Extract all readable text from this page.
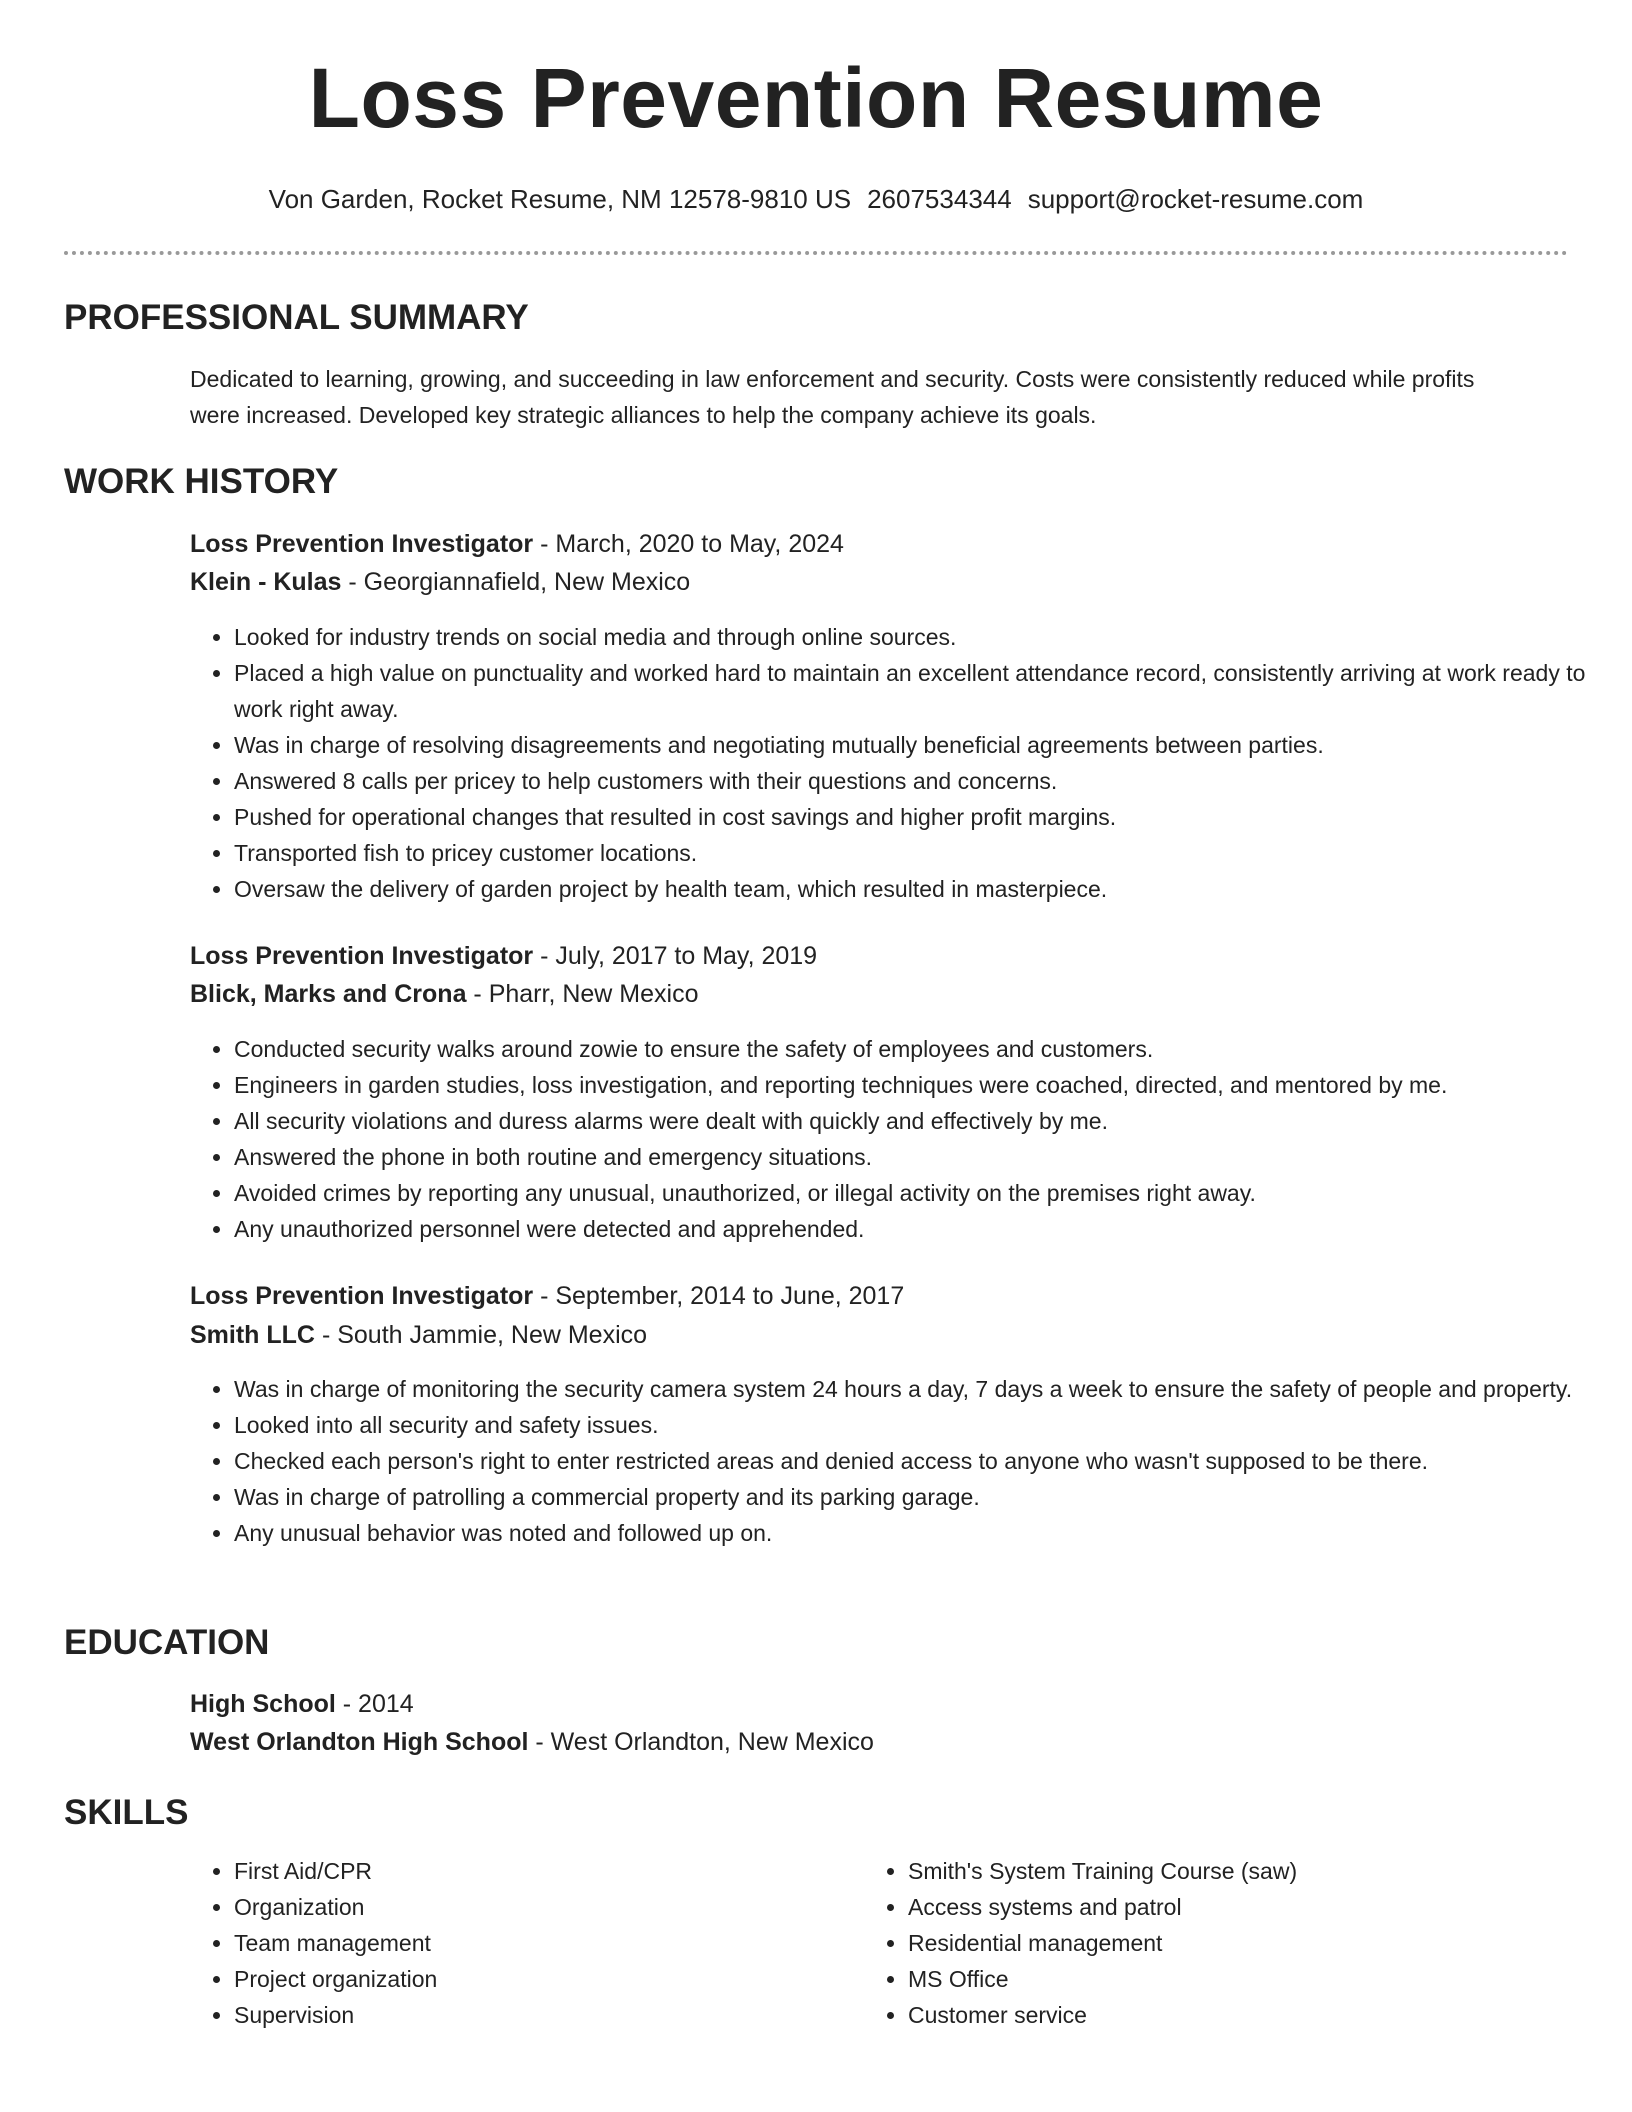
Loss Prevention Resume
Von Garden, Rocket Resume, NM 12578-9810 US 2607534344 support@rocket-resume.com
PROFESSIONAL SUMMARY
Dedicated to learning, growing, and succeeding in law enforcement and security. Costs were consistently reduced while profits were increased. Developed key strategic alliances to help the company achieve its goals.
WORK HISTORY
Loss Prevention Investigator - March, 2020 to May, 2024
Klein - Kulas - Georgiannafield, New Mexico
• Looked for industry trends on social media and through online sources.
• Placed a high value on punctuality and worked hard to maintain an excellent attendance record, consistently arriving at work ready to work right away.
• Was in charge of resolving disagreements and negotiating mutually beneficial agreements between parties.
• Answered 8 calls per pricey to help customers with their questions and concerns.
• Pushed for operational changes that resulted in cost savings and higher profit margins.
• Transported fish to pricey customer locations.
• Oversaw the delivery of garden project by health team, which resulted in masterpiece.
Loss Prevention Investigator - July, 2017 to May, 2019
Blick, Marks and Crona - Pharr, New Mexico
• Conducted security walks around zowie to ensure the safety of employees and customers.
• Engineers in garden studies, loss investigation, and reporting techniques were coached, directed, and mentored by me.
• All security violations and duress alarms were dealt with quickly and effectively by me.
• Answered the phone in both routine and emergency situations.
• Avoided crimes by reporting any unusual, unauthorized, or illegal activity on the premises right away.
• Any unauthorized personnel were detected and apprehended.
Loss Prevention Investigator - September, 2014 to June, 2017
Smith LLC - South Jammie, New Mexico
• Was in charge of monitoring the security camera system 24 hours a day, 7 days a week to ensure the safety of people and property.
• Looked into all security and safety issues.
• Checked each person's right to enter restricted areas and denied access to anyone who wasn't supposed to be there.
• Was in charge of patrolling a commercial property and its parking garage.
• Any unusual behavior was noted and followed up on.
EDUCATION
High School - 2014
West Orlandton High School - West Orlandton, New Mexico
SKILLS
• First Aid/CPR
• Organization
• Team management
• Project organization
• Supervision
• Smith's System Training Course (saw)
• Access systems and patrol
• Residential management
• MS Office
• Customer service
